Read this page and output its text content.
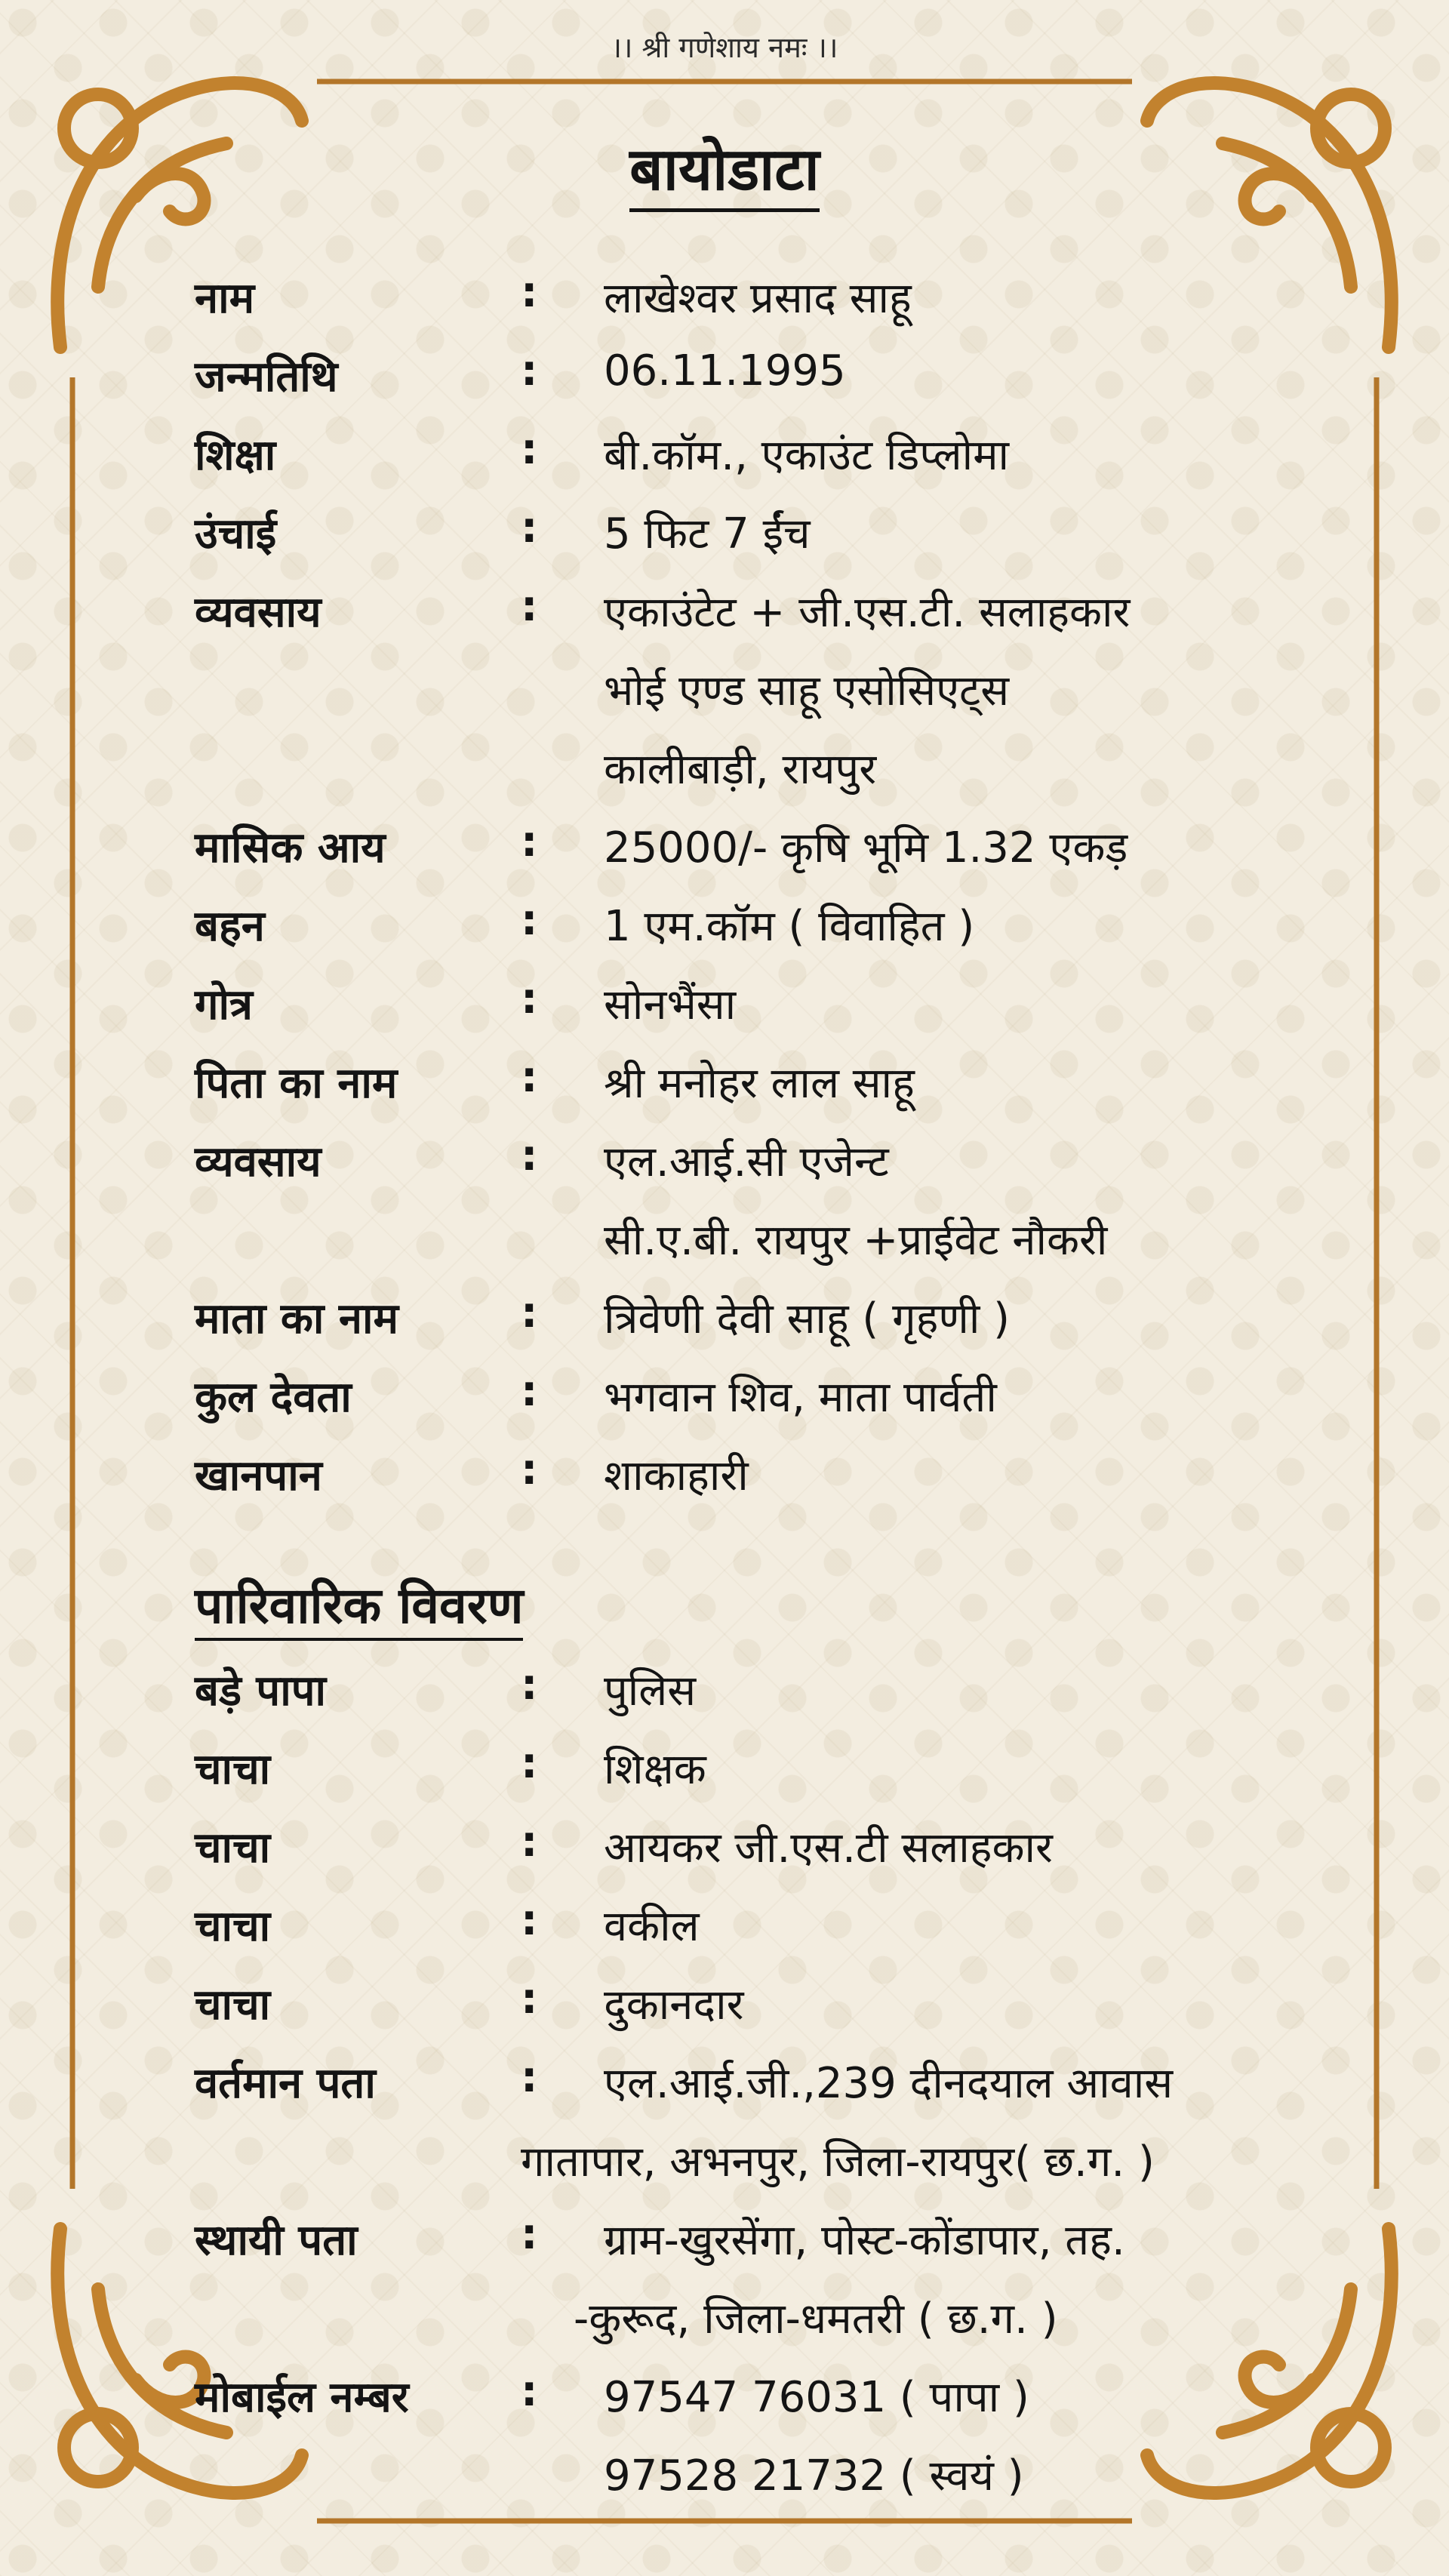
।। श्री गणेशाय नमः ।।
बायोडाटा
नाम	: लाखेश्वर प्रसाद साहू
जन्मतिथि	: 06.11.1995
शिक्षा	: बी.कॉम., एकाउंट डिप्लोमा
उंचाई	: 5 फिट 7 ईंच
व्यवसाय	: एकाउंटेट + जी.एस.टी. सलाहकार
भोई एण्ड साहू एसोसिएट्स
कालीबाड़ी, रायपुर
मासिक आय	: 25000/- कृषि भूमि 1.32 एकड़
बहन	: 1 एम.कॉम ( विवाहित )
गोत्र	: सोनभैंसा
पिता का नाम	: श्री मनोहर लाल साहू
व्यवसाय	: एल.आई.सी एजेन्ट
सी.ए.बी. रायपुर +प्राईवेट नौकरी
माता का नाम	: त्रिवेणी देवी साहू ( गृहणी )
कुल देवता	: भगवान शिव, माता पार्वती
खानपान	: शाकाहारी
पारिवारिक विवरण
बड़े पापा	: पुलिस
चाचा	: शिक्षक
चाचा	: आयकर जी.एस.टी सलाहकार
चाचा	: वकील
चाचा	: दुकानदार
वर्तमान पता	: एल.आई.जी.,239 दीनदयाल आवास
गातापार, अभनपुर, जिला-रायपुर( छ.ग. )
स्थायी पता	: ग्राम-खुरसेंगा, पोस्ट-कोंडापार, तह.
-कुरूद, जिला-धमतरी ( छ.ग. )
मोबाईल नम्बर	: 97547 76031 ( पापा )
97528 21732 ( स्वयं )
